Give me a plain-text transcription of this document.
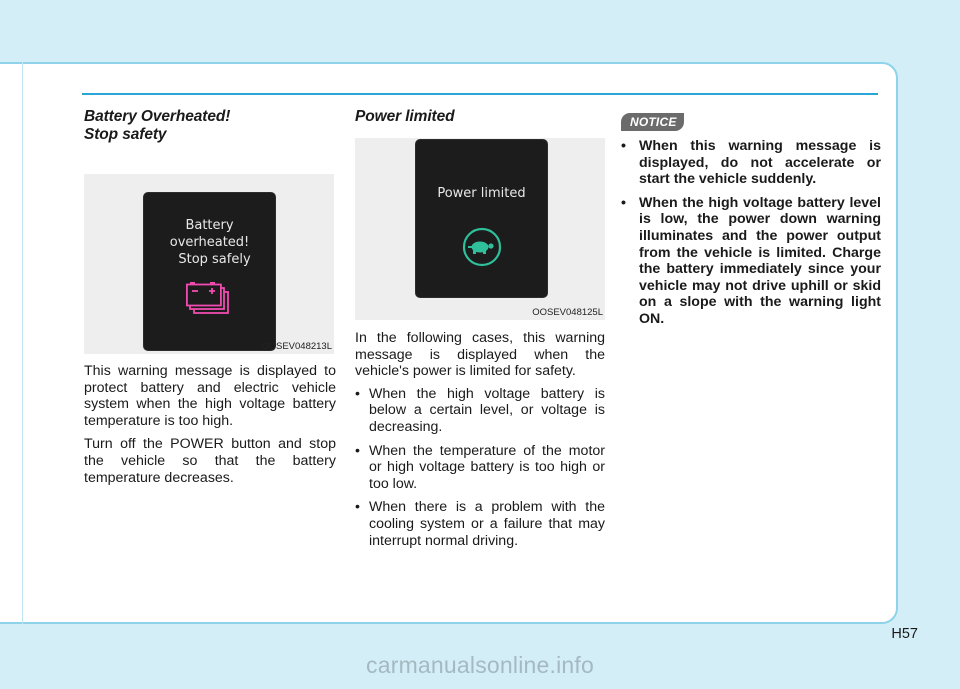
Battery Overheated!
Stop safety
Battery
overheated!
Stop safely
OOSEV048213L

This warning message is displayed to protect battery and electric vehicle system when the high voltage battery temperature is too high.

Turn off the POWER button and stop the vehicle so that the battery temperature decreases.

Power limited
Power limited
OOSEV048125L

In the following cases, this warning message is displayed when the vehicle's power is limited for safety.

• When the high voltage battery is below a certain level, or voltage is decreasing.
• When the temperature of the motor or high voltage battery is too high or too low.
• When there is a problem with the cooling system or a failure that may interrupt normal driving.
NOTICE
• When this warning message is displayed, do not accelerate or start the vehicle suddenly.
• When the high voltage battery level is low, the power down warning illuminates and the power output from the vehicle is limited. Charge the battery immediately since your vehicle may not drive uphill or skid on a slope with the warning light ON.
H57
carmanualsonline.info
